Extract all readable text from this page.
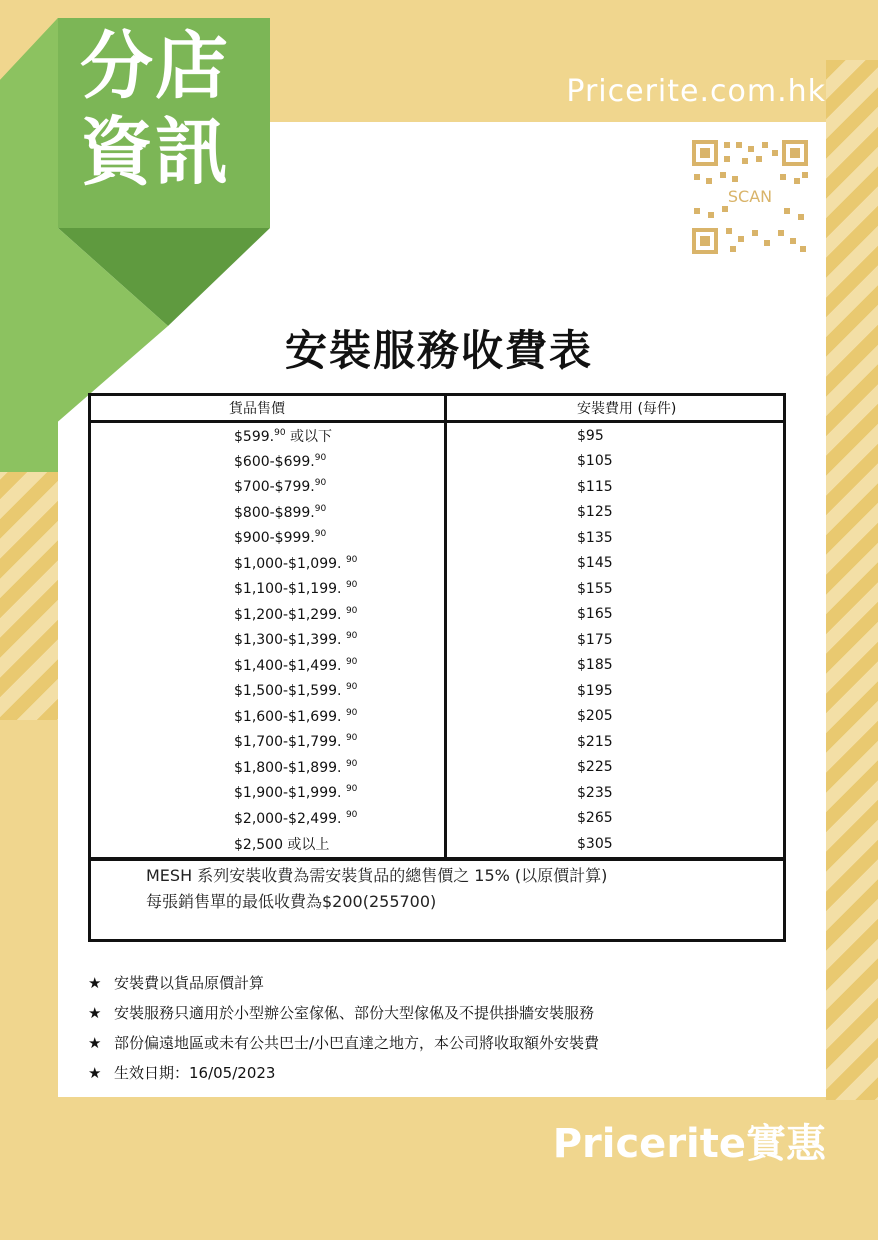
分店
資訊
Pricerite.com.hk
SCAN
安裝服務收費表
貨品售價	安裝費用 (每件)
$599.90 或以下	$95
$600-$699.90	$105
$700-$799.90	$115
$800-$899.90	$125
$900-$999.90	$135
$1,000-$1,099. $^{90}$	$145
$1,100-$1,199. $^{90}$	$155
$1,200-$1,299. $^{90}$	$165
$1,300-$1,399. $^{90}$	$175
$1,400-$1,499. $^{90}$	$185
$1,500-$1,599. $^{90}$	$195
$1,600-$1,699. $^{90}$	$205
$1,700-$1,799. $^{90}$	$215
$1,800-$1,899. $^{90}$	$225
$1,900-$1,999. $^{90}$	$235
$2,000-$2,499. $^{90}$	$265
$2,500 或以上	$305
MESH 系列安裝收費為需安裝貨品的總售價之 15% (以原價計算)
每張銷售單的最低收費為$200(255700)
★ 安裝費以貨品原價計算
★ 安裝服務只適用於小型辦公室傢俬、部份大型傢俬及不提供掛牆安裝服務
★ 部份偏遠地區或未有公共巴士/小巴直達之地方，本公司將收取額外安裝費
★ 生效日期：16/05/2023
Pricerite實惠
